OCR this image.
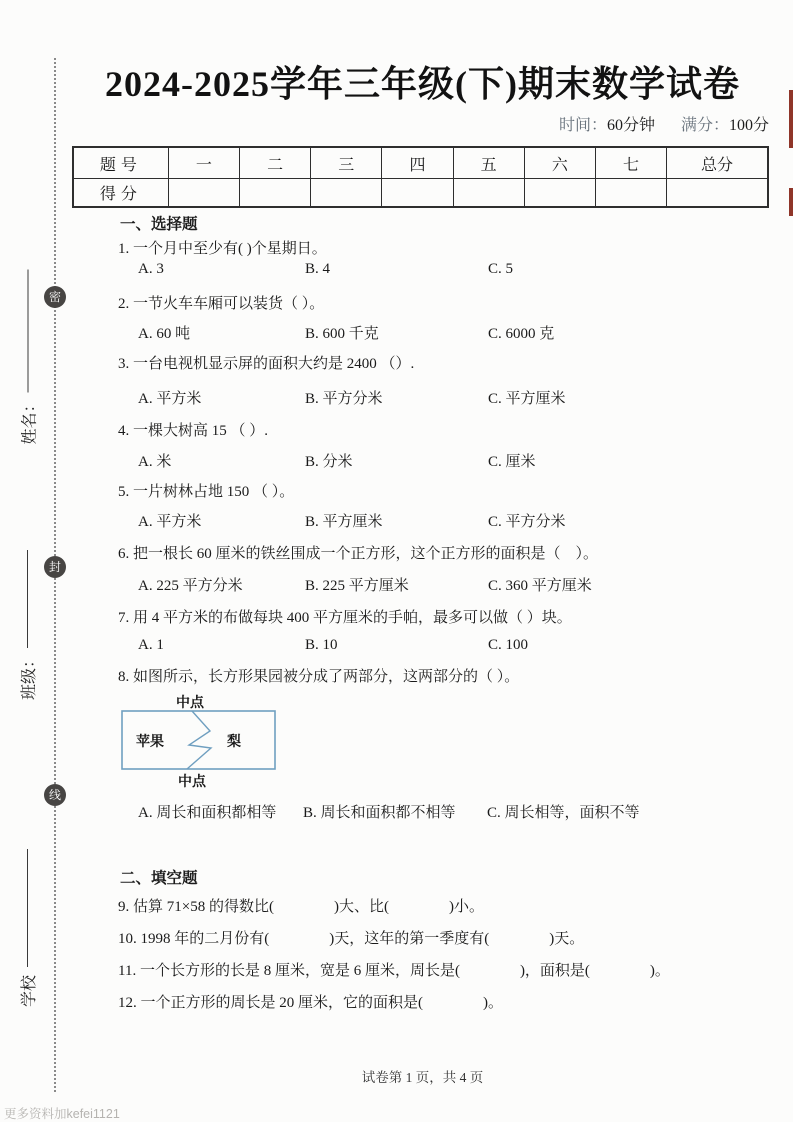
密
封
线
姓名：
班级：
学校
2024-2025学年三年级(下)期末数学试卷
时间：60分钟 满分：100分
题号	一	二	三	四	五	六	七	总分
得分								
一、选择题
1. 一个月中至少有( )个星期日。
A. 3	B. 4	C. 5
2. 一节火车车厢可以装货（ ）。
A. 60 吨	B. 600 千克	C. 6000 克
3. 一台电视机显示屏的面积大约是 2400 （）.
A. 平方米	B. 平方分米	C. 平方厘米
4. 一棵大树高 15 （ ）.
A. 米	B. 分米	C. 厘米
5. 一片树林占地 150 （ ）。
A. 平方米	B. 平方厘米	C. 平方分米
6. 把一根长 60 厘米的铁丝围成一个正方形，这个正方形的面积是（　）。
A. 225 平方分米	B. 225 平方厘米	C. 360 平方厘米
7. 用 4 平方米的布做每块 400 平方厘米的手帕，最多可以做（ ）块。
A. 1	B. 10	C. 100
8. 如图所示，长方形果园被分成了两部分，这两部分的（ ）。
中点
苹果	梨
中点
A. 周长和面积都相等 B. 周长和面积都不相等 C. 周长相等，面积不等
二、填空题
9. 估算 71×58 的得数比(　　　　)大、比(　　　　)小。
10. 1998 年的二月份有(　　　　)天，这年的第一季度有(　　　　)天。
11. 一个长方形的长是 8 厘米，宽是 6 厘米，周长是(　　　　)，面积是(　　　　)。
12. 一个正方形的周长是 20 厘米，它的面积是(　　　　)。
试卷第 1 页，共 4 页
更多资料加kefei1121
